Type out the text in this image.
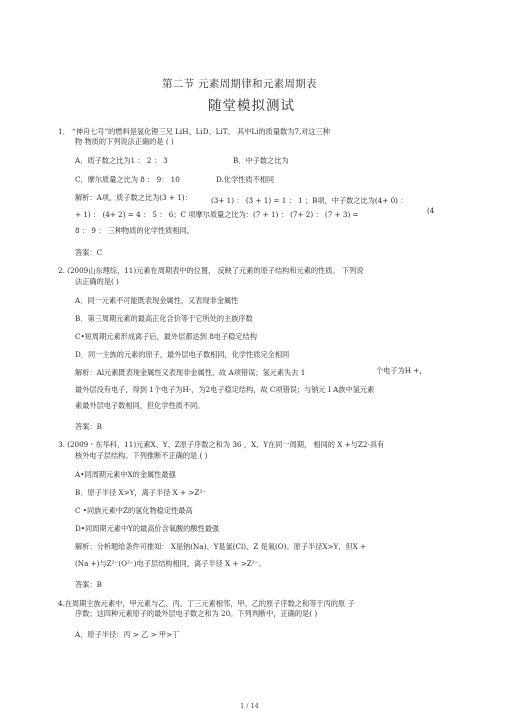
第二节 元素周期律和元素周期表
随堂模拟测试
1． “神舟七号”的燃料是氢化锂三兄 LiH、LiD、LiT。 其中Li的质量数为7,对这三种
物 物质的下列说法正确的是 ( )
A．质子数之比为1 ： 2 ： 3	B．中子数之比为
C．摩尔质量之比为 8 ： 9： 10	D.化学性质不相同
解析：A项，质子数之比为(3 + 1)：	(3+ 1) ： (3 + 1) = 1 ： 1 ；B项，中子数之比为(4+ 0) ：
+ 1) ： (4+ 2) = 4 ： 5 ： 6；C 项摩尔质量之比为：(7 + 1) ： (7+ 2) ： (7 + 3) =	(4
8 ： 9 ： 三种物质的化学性质相同。
答案：C
2. (2009山东理综，11)元素在周期表中的位置， 反映了元素的原子结构和元素的性质。 下列说
法正确的是( )
A．同一元素不可能既表现金属性，又表现非金属性
B．第三周期元素的最高正化合价等于它所处的主族序数
C•短周期元素形成离子后，最外层都达到 8电子稳定结构
D．同一主族的元素的原子，最外层电子数相同，化学性质完全相同
解析：Al元素既表现金属性又表现非金属性，故 A项错误；氢元素失去 1	个电子为H +，
最外层没有电子，得到 1个电子为H-，为2电子稳定结构，故 C项错误；与钠元 I A族中氢元素
素最外层电子数相同，但化学性质不同。
答案：B
3. (2009・东华科，11)元素X、Y、Z原子序数之和为 36 ，X、Y在同一周期， 相同的 X +与Z2-具有
核外电子层结构。下列推断不正确的是 ( )
A•同周期元素中X的金属性最强
B．原子半径 X>Y，离子半径 X + >Z²⁻
C •同族元素中Z的氢化物稳定性最高
D•同周期元素中Y的最高价含氧酸的酸性最强
解析：分析题给条件可推知： X是钠(Na)、Y是氯(Cl)、Z 是氧(O)。原子半径X>Y，但X +
(Na +)与Z²⁻(O²⁻)电子层结构相同，离子半径 X + >Z²⁻。
答案：B
4.在周期主族元素中，甲元素与乙、丙、丁三元素相邻，甲、乙的原子序数之和等于丙的原 子
序数；这四种元素原子的最外层电子数之和为 20。下列判断中，正确的是( )
A．原子半径：丙 > 乙 > 甲>丁
1 / 14
